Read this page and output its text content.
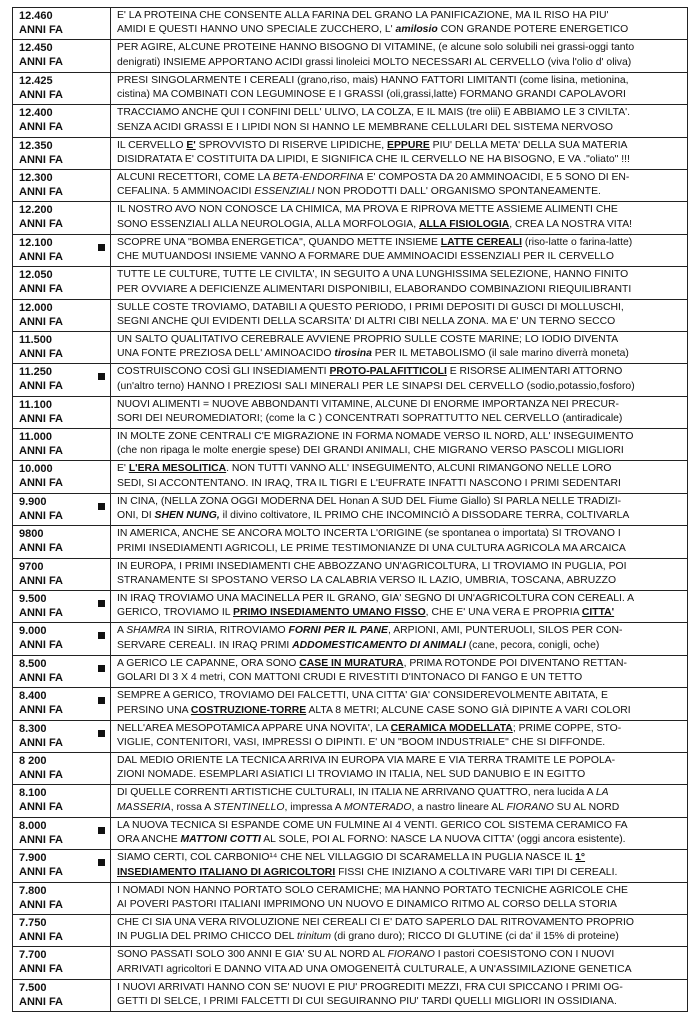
12.460
ANNI FA
E' LA PROTEINA CHE CONSENTE ALLA FARINA DEL GRANO LA PANIFICAZIONE, MA IL RISO HA PIU'
AMIDI E QUESTI HANNO UNO SPECIALE ZUCCHERO, L' amilosio CON GRANDE POTERE ENERGETICO
12.450
ANNI FA
PER AGIRE, ALCUNE PROTEINE HANNO BISOGNO DI VITAMINE, (e alcune solo solubili nei grassi-oggi tanto
denigrati) INSIEME APPORTANO ACIDI grassi linoleici MOLTO NECESSARI AL CERVELLO (viva l'olio d' oliva)
12.425
ANNI FA
PRESI SINGOLARMENTE I CEREALI (grano,riso, mais) HANNO FATTORI LIMITANTI (come lisina, metionina,
cistina) MA COMBINATI CON LEGUMINOSE E I GRASSI (oli,grassi,latte) FORMANO GRANDI CAPOLAVORI
12.400
ANNI FA
TRACCIAMO ANCHE QUI I CONFINI DELL' ULIVO, LA COLZA, E IL MAIS (tre olii) E ABBIAMO LE 3 CIVILTA'.
SENZA ACIDI GRASSI E I LIPIDI NON SI HANNO LE MEMBRANE CELLULARI DEL SISTEMA NERVOSO
12.350
ANNI FA
IL CERVELLO E' SPROVVISTO DI RISERVE LIPIDICHE, EPPURE PIU' DELLA META' DELLA SUA MATERIA
DISIDRATATA E' COSTITUITA DA LIPIDI, E SIGNIFICA CHE IL CERVELLO NE HA BISOGNO, E VA ."oliato" !!!
12.300
ANNI FA
ALCUNI RECETTORI, COME LA BETA-ENDORFINA E' COMPOSTA DA 20 AMMINOACIDI, E 5 SONO DI EN-
CEFALINA. 5 AMMINOACIDI ESSENZIALI NON PRODOTTI DALL' ORGANISMO SPONTANEAMENTE.
12.200
ANNI FA
IL NOSTRO AVO NON CONOSCE LA CHIMICA, MA PROVA E RIPROVA METTE ASSIEME ALIMENTI CHE
SONO ESSENZIALI ALLA NEUROLOGIA, ALLA MORFOLOGIA, ALLA FISIOLOGIA, CREA LA NOSTRA VITA!
12.100
ANNI FA
SCOPRE UNA "BOMBA ENERGETICA", QUANDO METTE INSIEME LATTE CEREALI (riso-latte o farina-latte)
CHE MUTUANDOSI INSIEME VANNO A FORMARE DUE AMMINOACIDI ESSENZIALI PER IL CERVELLO
12.050
ANNI FA
TUTTE LE CULTURE, TUTTE LE CIVILTA', IN SEGUITO A UNA LUNGHISSIMA SELEZIONE, HANNO FINITO
PER OVVIARE A DEFICIENZE ALIMENTARI DISPONIBILI, ELABORANDO COMBINAZIONI RIEQUILIBRANTI
12.000
ANNI FA
SULLE COSTE TROVIAMO, DATABILI A QUESTO PERIODO, I PRIMI DEPOSITI DI GUSCI DI MOLLUSCHI,
SEGNI ANCHE QUI EVIDENTI DELLA SCARSITA' DI ALTRI CIBI NELLA ZONA. MA E' UN TERNO SECCO
11.500
ANNI FA
UN SALTO QUALITATIVO CEREBRALE AVVIENE PROPRIO SULLE COSTE MARINE; LO IODIO DIVENTA
UNA FONTE PREZIOSA DELL' AMINOACIDO tirosina PER IL METABOLISMO (il sale marino diverrà moneta)
11.250
ANNI FA
COSTRUISCONO COSÌ GLI INSEDIAMENTI PROTO-PALAFITTICOLI E RISORSE ALIMENTARI ATTORNO
(un'altro terno) HANNO I PREZIOSI SALI MINERALI PER LE SINAPSI DEL CERVELLO (sodio,potassio,fosforo)
11.100
ANNI FA
NUOVI ALIMENTI = NUOVE ABBONDANTI VITAMINE, ALCUNE DI ENORME IMPORTANZA NEI PRECUR-
SORI DEI NEUROMEDIATORI; (come la C ) CONCENTRATI SOPRATTUTTO NEL CERVELLO (antiradicale)
11.000
ANNI FA
IN MOLTE ZONE CENTRALI C'E MIGRAZIONE IN FORMA NOMADE VERSO IL NORD, ALL' INSEGUIMENTO
(che non ripaga le molte energie spese) DEI GRANDI ANIMALI, CHE MIGRANO VERSO PASCOLI MIGLIORI
10.000
ANNI FA
E' L'ERA MESOLITICA. NON TUTTI VANNO ALL' INSEGUIMENTO, ALCUNI RIMANGONO NELLE LORO
SEDI, SI ACCONTENTANO. IN IRAQ, TRA IL TIGRI E L'EUFRATE INFATTI NASCONO I PRIMI SEDENTARI
9.900
ANNI FA
IN CINA, (NELLA ZONA OGGI MODERNA DEL Honan A SUD DEL Fiume Giallo) SI PARLA NELLE TRADIZI-
ONI, DI SHEN NUNG, il divino coltivatore, IL PRIMO CHE INCOMINCIÒ A DISSODARE TERRA, COLTIVARLA
9800
ANNI FA
IN AMERICA, ANCHE SE ANCORA MOLTO INCERTA L'ORIGINE (se spontanea o importata) SI TROVANO I
PRIMI INSEDIAMENTI AGRICOLI, LE PRIME TESTIMONIANZE DI UNA CULTURA AGRICOLA MA ARCAICA
9700
ANNI FA
IN EUROPA, I PRIMI INSEDIAMENTI CHE ABBOZZANO UN'AGRICOLTURA, LI TROVIAMO IN PUGLIA, POI
STRANAMENTE SI SPOSTANO VERSO LA CALABRIA VERSO IL LAZIO, UMBRIA, TOSCANA, ABRUZZO
9.500
ANNI FA
IN IRAQ TROVIAMO UNA MACINELLA PER IL GRANO, GIA' SEGNO DI UN'AGRICOLTURA CON CEREALI. A
GERICO, TROVIAMO IL PRIMO INSEDIAMENTO UMANO FISSO, CHE E' UNA VERA E PROPRIA CITTA'
9.000
ANNI FA
A SHAMRA IN SIRIA, RITROVIAMO FORNI PER IL PANE, ARPIONI, AMI, PUNTERUOLI, SILOS PER CON-
SERVARE CEREALI. IN IRAQ PRIMI ADDOMESTICAMENTO DI ANIMALI (cane, pecora, conigli, oche)
8.500
ANNI FA
A GERICO LE CAPANNE, ORA SONO CASE IN MURATURA, PRIMA ROTONDE POI DIVENTANO RETTAN-
GOLARI DI 3 X 4 metri, CON MATTONI CRUDI E RIVESTITI D'INTONACO DI FANGO E UN TETTO
8.400
ANNI FA
SEMPRE A GERICO, TROVIAMO DEI FALCETTI, UNA CITTA' GIA' CONSIDEREVOLMENTE ABITATA, E
PERSINO UNA COSTRUZIONE-TORRE ALTA 8 METRI; ALCUNE CASE SONO GIÀ DIPINTE A VARI COLORI
8.300
ANNI FA
NELL'AREA MESOPOTAMICA APPARE UNA NOVITA', LA CERAMICA MODELLATA; PRIME COPPE, STO-
VIGLIE, CONTENITORI, VASI, IMPRESSI O DIPINTI. E' UN "BOOM INDUSTRIALE" CHE SI DIFFONDE.
8 200
ANNI FA
DAL MEDIO ORIENTE LA TECNICA ARRIVA IN EUROPA VIA MARE E VIA TERRA TRAMITE LE POPOLA-
ZIONI NOMADE. ESEMPLARI ASIATICI LI TROVIAMO IN ITALIA, NEL SUD DANUBIO E IN EGITTO
8.100
ANNI FA
DI QUELLE CORRENTI ARTISTICHE CULTURALI, IN ITALIA NE ARRIVANO QUATTRO, nera lucida A LA
MASSERIA, rossa A STENTINELLO, impressa A MONTERADO, a nastro lineare AL FIORANO SU AL NORD
8.000
ANNI FA
LA NUOVA TECNICA SI ESPANDE COME UN FULMINE AI 4 VENTI. GERICO COL SISTEMA CERAMICO FA
ORA ANCHE MATTONI COTTI AL SOLE, POI AL FORNO: NASCE LA NUOVA CITTA' (oggi ancora esistente).
7.900
ANNI FA
SIAMO CERTI, COL CARBONIO¹⁴ CHE NEL VILLAGGIO DI SCARAMELLA IN PUGLIA NASCE IL 1°
INSEDIAMENTO ITALIANO DI AGRICOLTORI FISSI CHE INIZIANO A COLTIVARE VARI TIPI DI CEREALI.
7.800
ANNI FA
I NOMADI NON HANNO PORTATO SOLO CERAMICHE; MA HANNO PORTATO TECNICHE AGRICOLE CHE
AI POVERI PASTORI ITALIANI IMPRIMONO UN NUOVO E DINAMICO RITMO AL CORSO DELLA STORIA
7.750
ANNI FA
CHE CI SIA UNA VERA RIVOLUZIONE NEI CEREALI CI E' DATO SAPERLO DAL RITROVAMENTO PROPRIO
IN PUGLIA DEL PRIMO CHICCO DEL trinitum (di grano duro); RICCO DI GLUTINE (ci da' il 15% di proteine)
7.700
ANNI FA
SONO PASSATI SOLO 300 ANNI E GIA' SU AL NORD AL FIORANO I pastori COESISTONO CON I NUOVI
ARRIVATI agricoltori E DANNO VITA AD UNA OMOGENEITÀ CULTURALE, A UN'ASSIMILAZIONE GENETICA
7.500
ANNI FA
I NUOVI ARRIVATI HANNO CON SE' NUOVI E PIU' PROGREDITI MEZZI, FRA CUI SPICCANO I PRIMI OG-
GETTI DI SELCE, I PRIMI FALCETTI DI CUI SEGUIRANNO PIU' TARDI QUELLI MIGLIORI IN OSSIDIANA.
